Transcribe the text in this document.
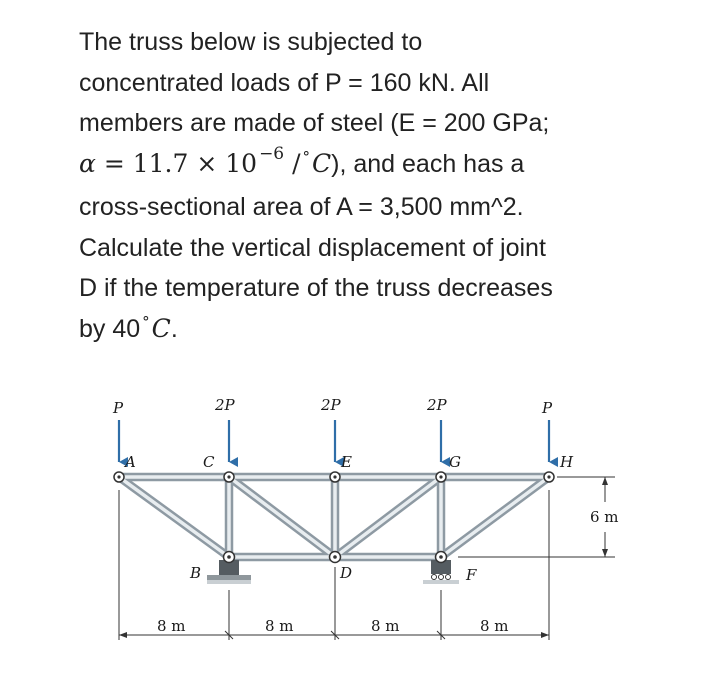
The truss below is subjected to
concentrated loads of P = 160 kN. All
members are made of steel (E = 200 GPa;
α = 11.7 × 10 $^{-6}$ / °C), and each has a
cross-sectional area of A = 3,500 mm^2.
Calculate the vertical displacement of joint
D if the temperature of the truss decreases
by 40 °C.
P	2P	2P	2P	P
A	C	E	G	H
B	D	F
8 m	8 m	8 m	8 m
6 m
